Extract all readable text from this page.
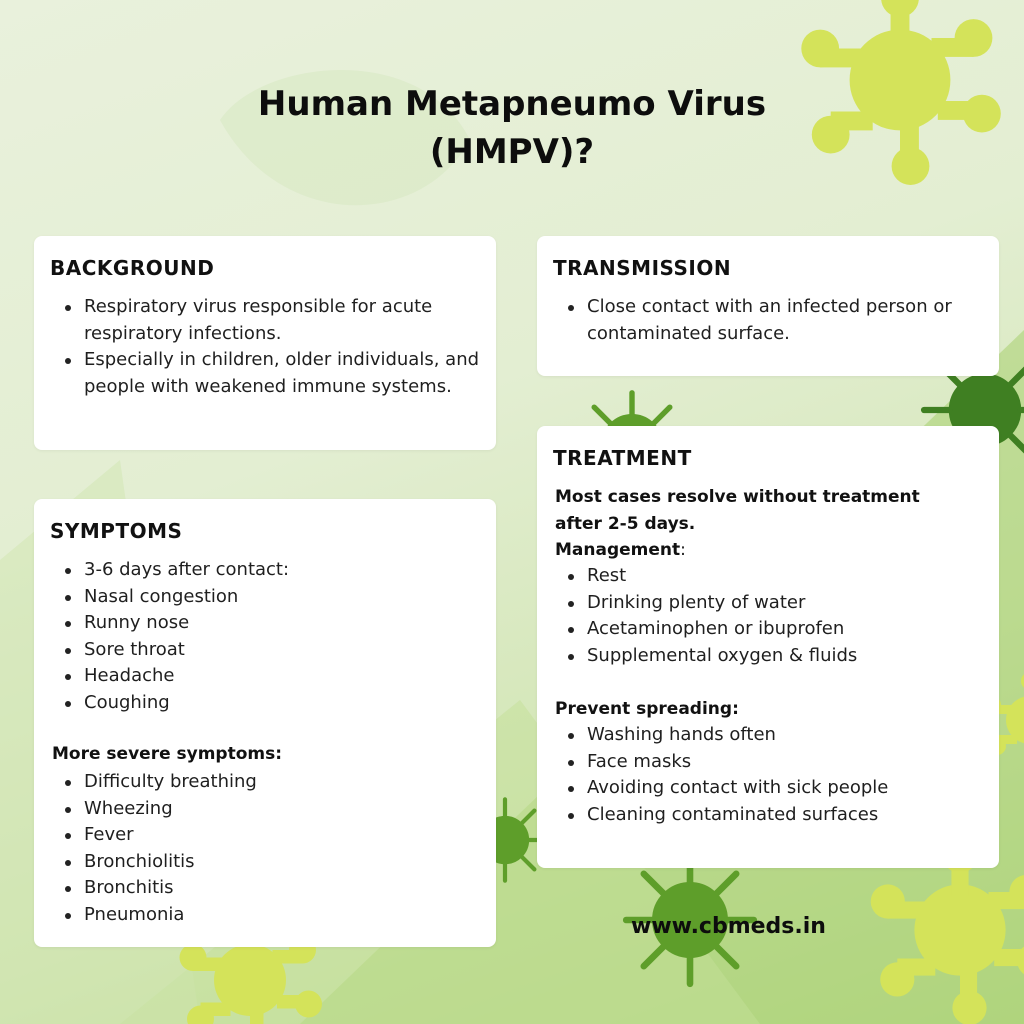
Human Metapneumo Virus
(HMPV)?
BACKGROUND
Respiratory virus responsible for acute respiratory infections.
Especially in children, older individuals, and people with weakened immune systems.
TRANSMISSION
Close contact with an infected person or contaminated surface.
SYMPTOMS
3-6 days after contact:
Nasal congestion
Runny nose
Sore throat
Headache
Coughing
More severe symptoms:
Difficulty breathing
Wheezing
Fever
Bronchiolitis
Bronchitis
Pneumonia
TREATMENT
Most cases resolve without treatment
after 2-5 days.
Management:
Rest
Drinking plenty of water
Acetaminophen or ibuprofen
Supplemental oxygen & fluids
Prevent spreading:
Washing hands often
Face masks
Avoiding contact with sick people
Cleaning contaminated surfaces
www.cbmeds.in
